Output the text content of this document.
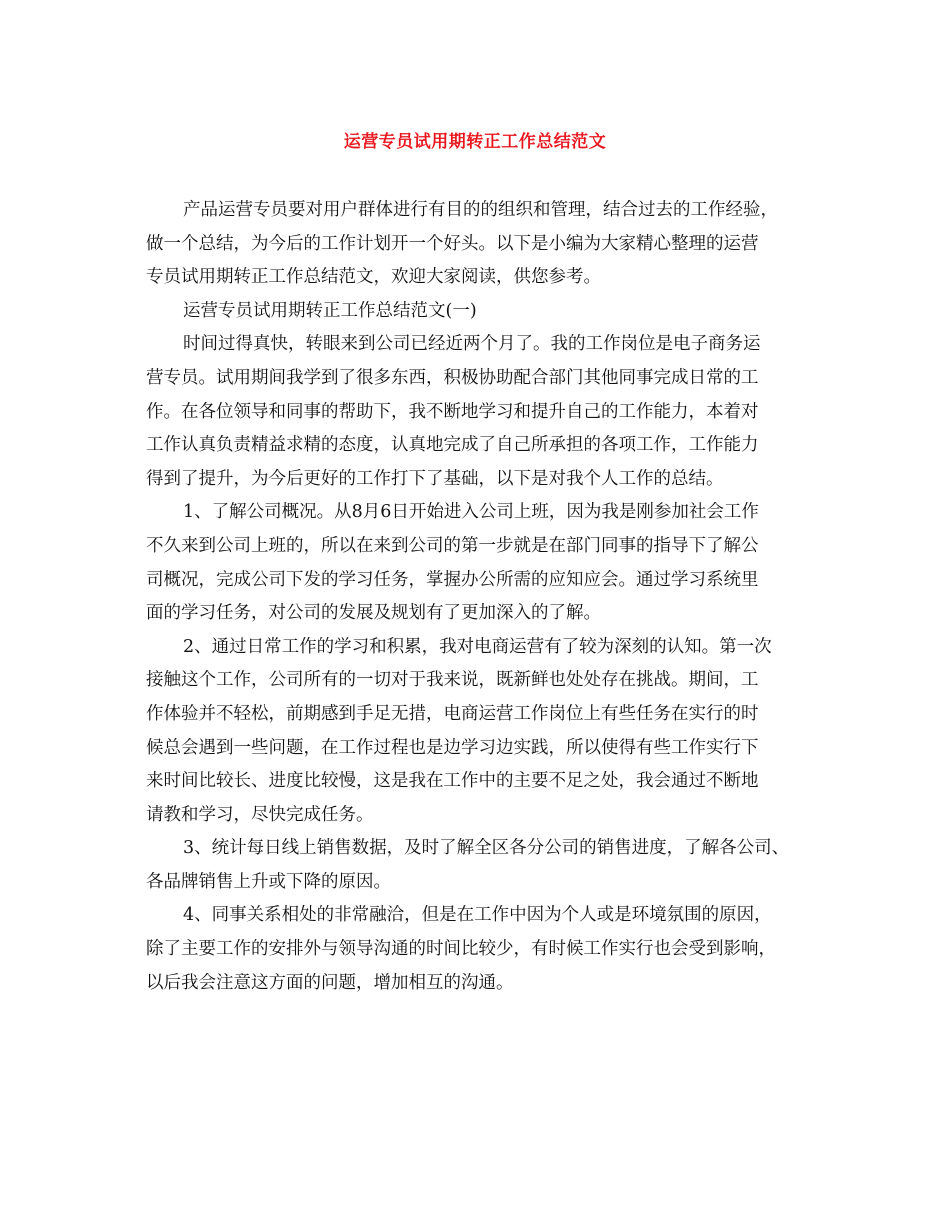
运营专员试用期转正工作总结范文
产品运营专员要对用户群体进行有目的的组织和管理，结合过去的工作经验，
做一个总结，为今后的工作计划开一个好头。以下是小编为大家精心整理的运营
专员试用期转正工作总结范文，欢迎大家阅读，供您参考。
运营专员试用期转正工作总结范文(一)
时间过得真快，转眼来到公司已经近两个月了。我的工作岗位是电子商务运
营专员。试用期间我学到了很多东西，积极协助配合部门其他同事完成日常的工
作。在各位领导和同事的帮助下，我不断地学习和提升自己的工作能力，本着对
工作认真负责精益求精的态度，认真地完成了自己所承担的各项工作，工作能力
得到了提升，为今后更好的工作打下了基础，以下是对我个人工作的总结。
1、了解公司概况。从8月6日开始进入公司上班，因为我是刚参加社会工作
不久来到公司上班的，所以在来到公司的第一步就是在部门同事的指导下了解公
司概况，完成公司下发的学习任务，掌握办公所需的应知应会。通过学习系统里
面的学习任务，对公司的发展及规划有了更加深入的了解。
2、通过日常工作的学习和积累，我对电商运营有了较为深刻的认知。第一次
接触这个工作，公司所有的一切对于我来说，既新鲜也处处存在挑战。期间，工
作体验并不轻松，前期感到手足无措，电商运营工作岗位上有些任务在实行的时
候总会遇到一些问题，在工作过程也是边学习边实践，所以使得有些工作实行下
来时间比较长、进度比较慢，这是我在工作中的主要不足之处，我会通过不断地
请教和学习，尽快完成任务。
3、统计每日线上销售数据，及时了解全区各分公司的销售进度，了解各公司、
各品牌销售上升或下降的原因。
4、同事关系相处的非常融洽，但是在工作中因为个人或是环境氛围的原因，
除了主要工作的安排外与领导沟通的时间比较少，有时候工作实行也会受到影响，
以后我会注意这方面的问题，增加相互的沟通。
